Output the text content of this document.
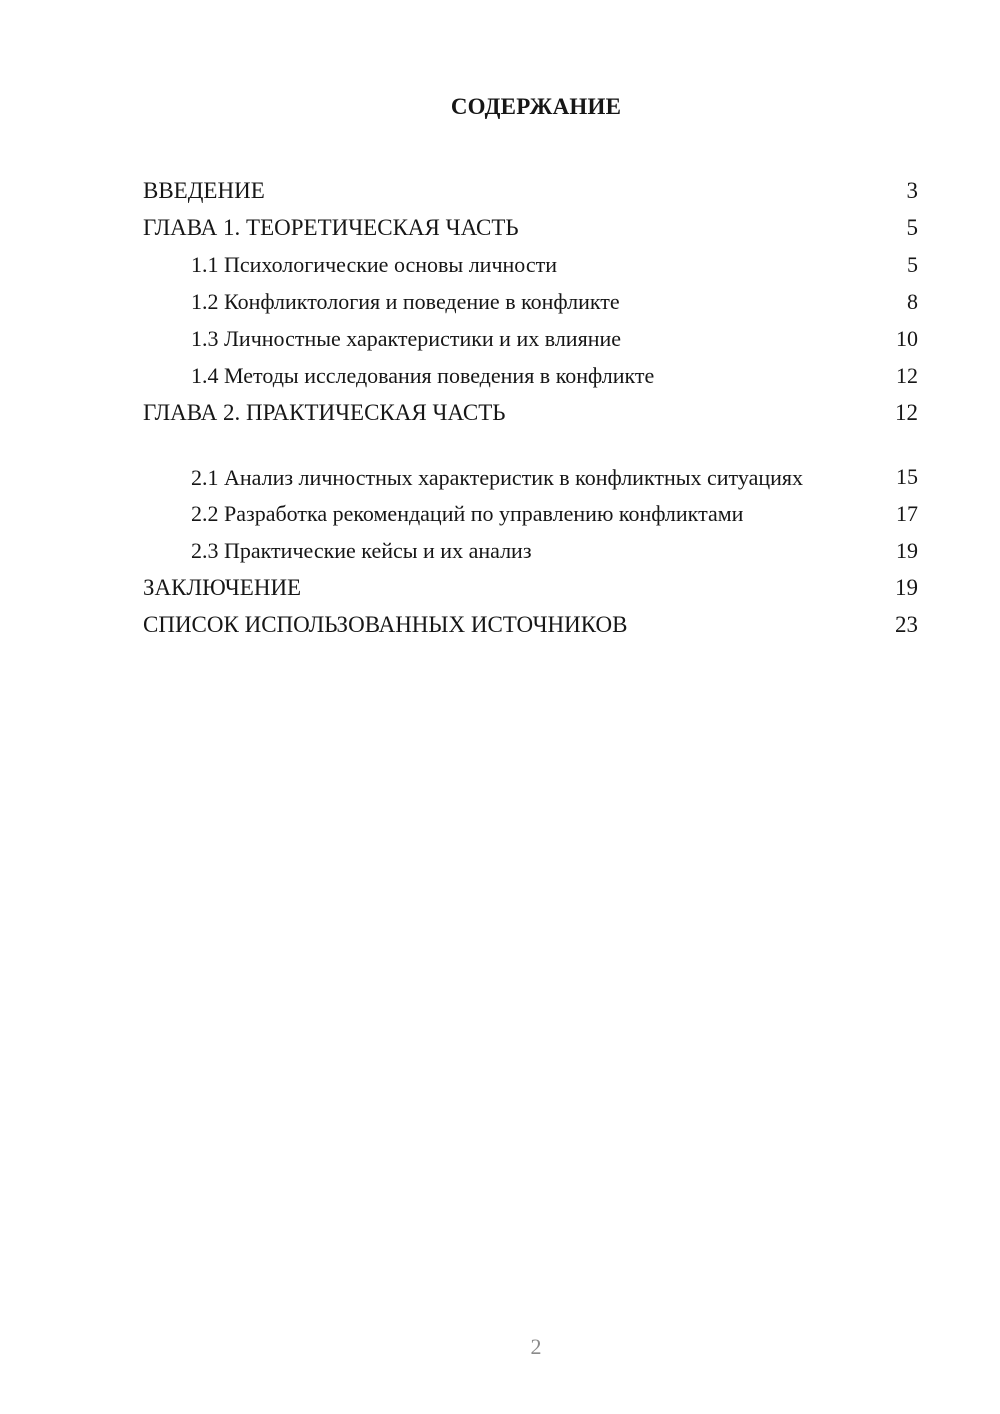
СОДЕРЖАНИЕ
ВВЕДЕНИЕ	3
ГЛАВА 1. ТЕОРЕТИЧЕСКАЯ ЧАСТЬ	5
1.1 Психологические основы личности	5
1.2 Конфликтология и поведение в конфликте	8
1.3 Личностные характеристики и их влияние	10
1.4 Методы исследования поведения в конфликте	12
ГЛАВА 2. ПРАКТИЧЕСКАЯ ЧАСТЬ	12
2.1 Анализ личностных характеристик в конфликтных ситуациях	15
2.2 Разработка рекомендаций по управлению конфликтами	17
2.3 Практические кейсы и их анализ	19
ЗАКЛЮЧЕНИЕ	19
СПИСОК ИСПОЛЬЗОВАННЫХ ИСТОЧНИКОВ	23
2
